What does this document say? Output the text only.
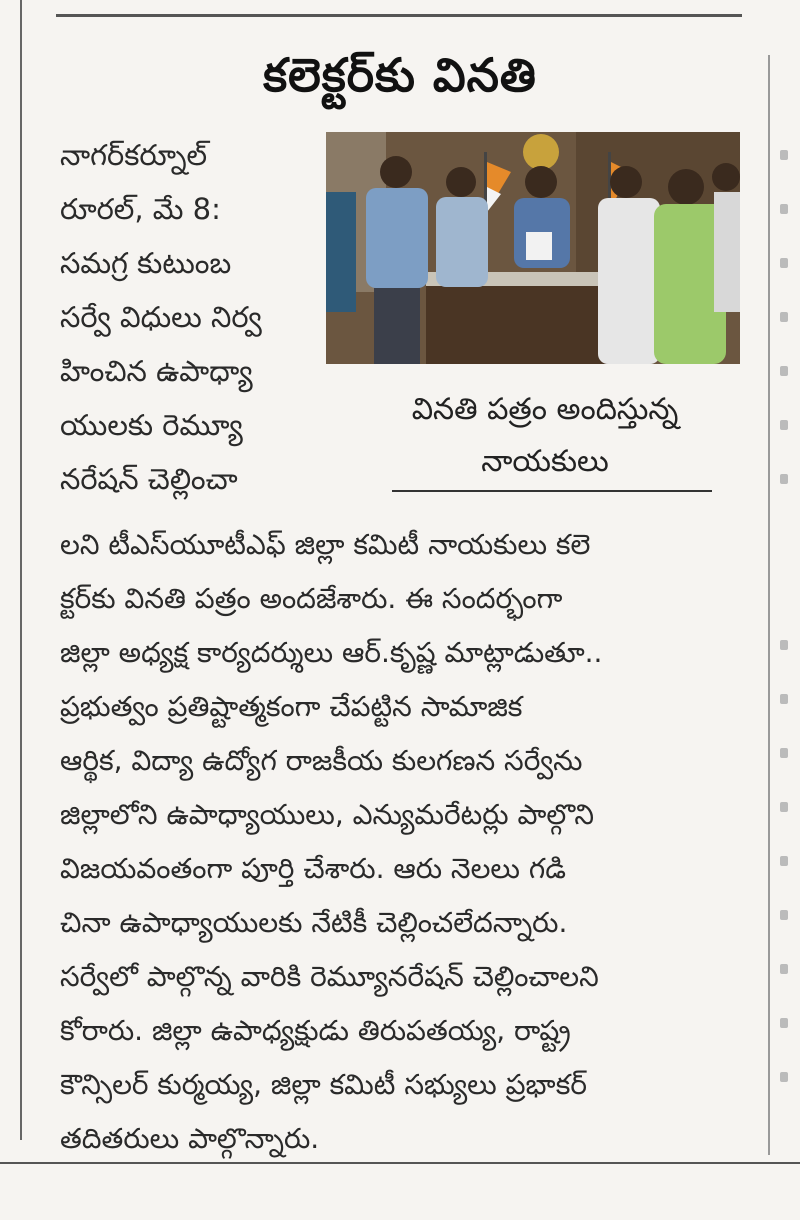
కలెక్టర్‌కు వినతి
నాగర్‌కర్నూల్
రూరల్, మే 8:
సమగ్ర కుటుంబ
సర్వే విధులు నిర్వ
హించిన ఉపాధ్యా
యులకు రెమ్యూ
నరేషన్ చెల్లించా
వినతి పత్రం అందిస్తున్న
నాయకులు
లని టీఎస్‌యూటీఎఫ్ జిల్లా కమిటీ నాయకులు కలె
క్టర్‌కు వినతి పత్రం అందజేశారు. ఈ సందర్భంగా
జిల్లా అధ్యక్ష కార్యదర్శులు ఆర్.కృష్ణ మాట్లాడుతూ..
ప్రభుత్వం ప్రతిష్టాత్మకంగా చేపట్టిన సామాజిక
ఆర్థిక, విద్యా ఉద్యోగ రాజకీయ కులగణన సర్వేను
జిల్లాలోని ఉపాధ్యాయులు, ఎన్యుమరేటర్లు పాల్గొని
విజయవంతంగా పూర్తి చేశారు. ఆరు నెలలు గడి
చినా ఉపాధ్యాయులకు నేటికీ చెల్లించలేదన్నారు.
సర్వేలో పాల్గొన్న వారికి రెమ్యూనరేషన్ చెల్లించాలని
కోరారు. జిల్లా ఉపాధ్యక్షుడు తిరుపతయ్య, రాష్ట్ర
కౌన్సిలర్ కుర్మయ్య, జిల్లా కమిటీ సభ్యులు ప్రభాకర్
తదితరులు పాల్గొన్నారు.
